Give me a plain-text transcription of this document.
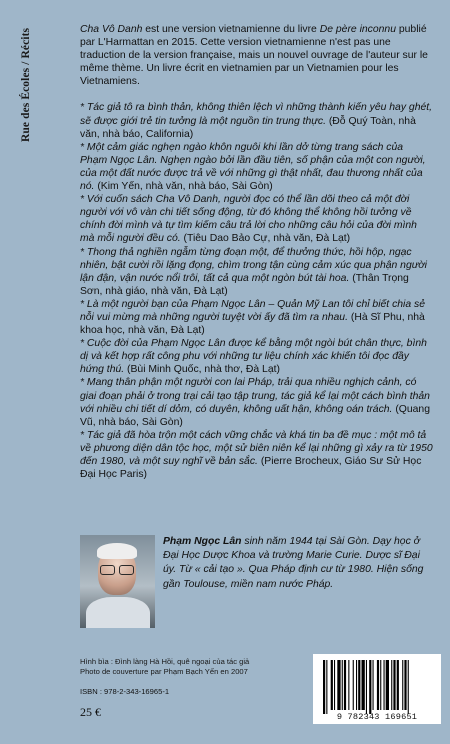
Rue des Écoles / Récits	Cha Vô Danh est une version vietnamienne du livre De père inconnu publié par L'Harmattan en 2015. Cette version vietnamienne n'est pas une traduction de la version française, mais un nouvel ouvrage de l'auteur sur le même thème. Un livre écrit en vietnamien par un Vietnamien pour les Vietnamiens.

* Tác giả tô ra bình thản, không thiên lệch vì những thành kiến yêu hay ghét, sẽ được giới trẻ tin tưởng là một nguồn tin trung thực. (Đỗ Quý Toàn, nhà văn, nhà báo, California)

* Một cảm giác nghẹn ngào khôn nguôi khi lần dở từng trang sách của Phạm Ngọc Lân. Nghẹn ngào bởi lần đầu tiên, số phận của một con người, của một đất nước được trả về với những gì thật nhất, đau thương nhất của nó. (Kim Yến, nhà văn, nhà báo, Sài Gòn)

* Với cuốn sách Cha Vô Danh, người đọc có thể lần dõi theo cả một đời người với vô vàn chi tiết sống động, từ đó không thể không hồi tưởng về chính đời mình và tự tìm kiếm câu trả lời cho những câu hỏi của đời mình mà mỗi người đều có. (Tiêu Dao Bảo Cự, nhà văn, Đà Lạt)

* Thong thả nghiền ngẫm từng đoạn một, để thưởng thức, hồi hộp, ngạc nhiên, bật cười rồi lặng đọng, chìm trong tận cùng cảm xúc qua phận người lận đận, vận nước nổi trôi, tất cả qua một ngòn bút tài hoa. (Thân Trọng Sơn, nhà giáo, nhà văn, Đà Lạt)

* Là một người bạn của Phạm Ngọc Lân – Quản Mỹ Lan tôi chỉ biết chia sẻ nỗi vui mừng mà những người tuyệt vời ấy đã tìm ra nhau. (Hà Sĩ Phu, nhà khoa học, nhà văn, Đà Lạt)

* Cuộc đời của Phạm Ngọc Lân được kể bằng một ngòi bút chân thực, bình dị và kết hợp rất công phu với những tư liệu chính xác khiến tôi đọc đầy hứng thú. (Bùi Minh Quốc, nhà thơ, Đà Lạt)

* Mang thân phận một người con lai Pháp, trải qua nhiều nghịch cảnh, có giai đoạn phải ở trong trại cải tạo tập trung, tác giả kể lại một cách bình thản với nhiều chi tiết dí dỏm, có duyên, không uất hận, không oán trách. (Quang Vũ, nhà báo, Sài Gòn)

* Tác giả đã hòa trộn một cách vững chắc và khá tin ba đề mục : một mô tả về phương diện dân tộc học, một sử biên niên kể lại những gì xảy ra từ 1950 đến 1980, và một suy nghĩ về bản sắc. (Pierre Brocheux, Giáo Sư Sử Học Đại Học Paris)

Phạm Ngọc Lân sinh năm 1944 tại Sài Gòn. Dạy học ở Đại Học Dược Khoa và trường Marie Curie. Dược sĩ Đại úy. Từ « cải tạo ». Qua Pháp định cư từ 1980. Hiện sống gần Toulouse, miền nam nước Pháp.

Hình bìa : Đình làng Hà Hồi, quê ngoại của tác giả
Photo de couverture par Phạm Bạch Yến en 2007
ISBN : 978-2-343-16965-1
25 €	9 782343 169651
